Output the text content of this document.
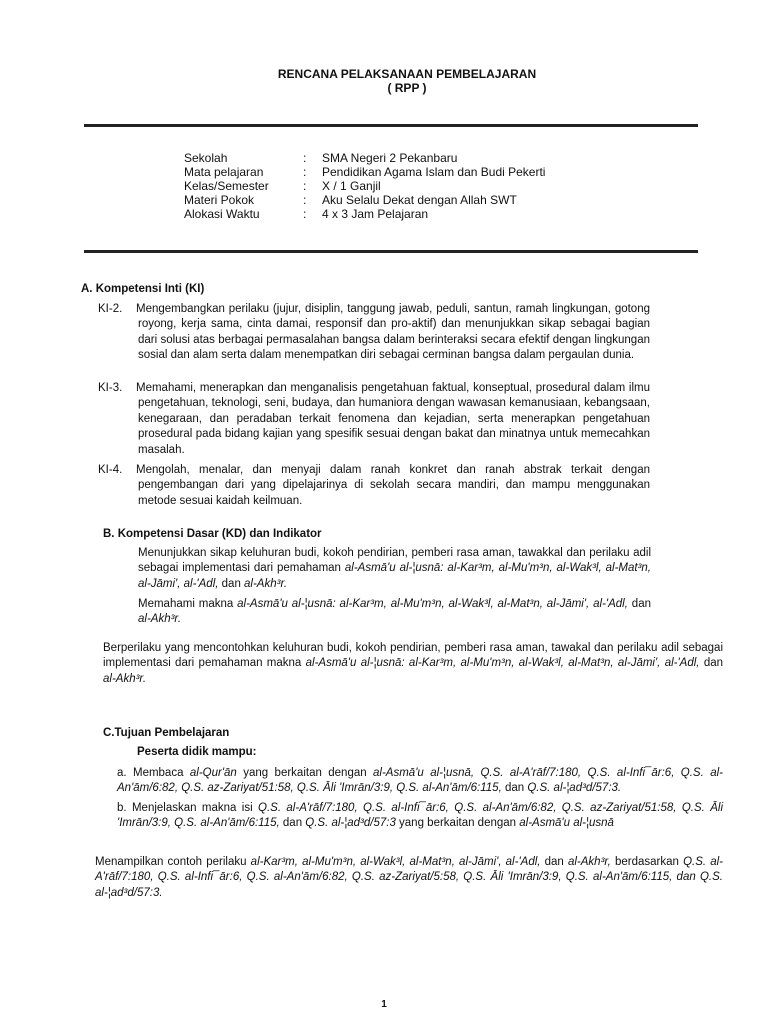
RENCANA PELAKSANAAN PEMBELAJARAN
( RPP )
Sekolah	: SMA Negeri 2 Pekanbaru
Mata pelajaran	: Pendidikan Agama Islam dan Budi Pekerti
Kelas/Semester	: X / 1 Ganjil
Materi Pokok	: Aku Selalu Dekat dengan Allah SWT
Alokasi Waktu	: 4 x 3 Jam Pelajaran
A. Kompetensi Inti (KI)
KI-2. Mengembangkan perilaku (jujur, disiplin, tanggung jawab, peduli, santun, ramah lingkungan, gotong royong, kerja sama, cinta damai, responsif dan pro-aktif) dan menunjukkan sikap sebagai bagian dari solusi atas berbagai permasalahan bangsa dalam berinteraksi secara efektif dengan lingkungan sosial dan alam serta dalam menempatkan diri sebagai cerminan bangsa dalam pergaulan dunia.
KI-3. Memahami, menerapkan dan menganalisis pengetahuan faktual, konseptual, prosedural dalam ilmu pengetahuan, teknologi, seni, budaya, dan humaniora dengan wawasan kemanusiaan, kebangsaan, kenegaraan, dan peradaban terkait fenomena dan kejadian, serta menerapkan pengetahuan prosedural pada bidang kajian yang spesifik sesuai dengan bakat dan minatnya untuk memecahkan masalah.
KI-4. Mengolah, menalar, dan menyaji dalam ranah konkret dan ranah abstrak terkait dengan pengembangan dari yang dipelajarinya di sekolah secara mandiri, dan mampu menggunakan metode sesuai kaidah keilmuan.
B. Kompetensi Dasar (KD) dan Indikator
Menunjukkan sikap keluhuran budi, kokoh pendirian, pemberi rasa aman, tawakkal dan perilaku adil sebagai implementasi dari pemahaman al-Asmā'u al-¦usnā: al-Kar³m, al-Mu'm³n, al-Wak³l, al-Mat³n, al-Jāmi', al-'Adl, dan al-Akh³r.
Memahami makna al-Asmā'u al-¦usnā: al-Kar³m, al-Mu'm³n, al-Wak³l, al-Mat³n, al-Jāmi', al-'Adl, dan al-Akh³r.
Berperilaku yang mencontohkan keluhuran budi, kokoh pendirian, pemberi rasa aman, tawakal dan perilaku adil sebagai implementasi dari pemahaman makna al-Asmā'u al-¦usnā: al-Kar³m, al-Mu'm³n, al-Wak³l, al-Mat³n, al-Jāmi', al-'Adl, dan al-Akh³r.
C.Tujuan Pembelajaran
Peserta didik mampu:
a. Membaca al-Qur'ān yang berkaitan dengan al-Asmā'u al-¦usnā, Q.S. al-A'rāf/7:180, Q.S. al-Infi¯ār:6, Q.S. al-An'ām/6:82, Q.S. az-Zariyat/51:58, Q.S. Āli 'Imrān/3:9, Q.S. al-An'ām/6:115, dan Q.S. al-¦ad³d/57:3.
b. Menjelaskan makna isi Q.S. al-A'rāf/7:180, Q.S. al-Infi¯ār:6, Q.S. al-An'ām/6:82, Q.S. az-Zariyat/51:58, Q.S. Āli 'Imrān/3:9, Q.S. al-An'ām/6:115, dan Q.S. al-¦ad³d/57:3 yang berkaitan dengan al-Asmā'u al-¦usnā
Menampilkan contoh perilaku al-Kar³m, al-Mu'm³n, al-Wak³l, al-Mat³n, al-Jāmi', al-'Adl, dan al-Akh³r, berdasarkan Q.S. al-A'rāf/7:180, Q.S. al-Infi¯ār:6, Q.S. al-An'ām/6:82, Q.S. az-Zariyat/5:58, Q.S. Āli 'Imrān/3:9, Q.S. al-An'ām/6:115, dan Q.S. al-¦ad³d/57:3.
1
